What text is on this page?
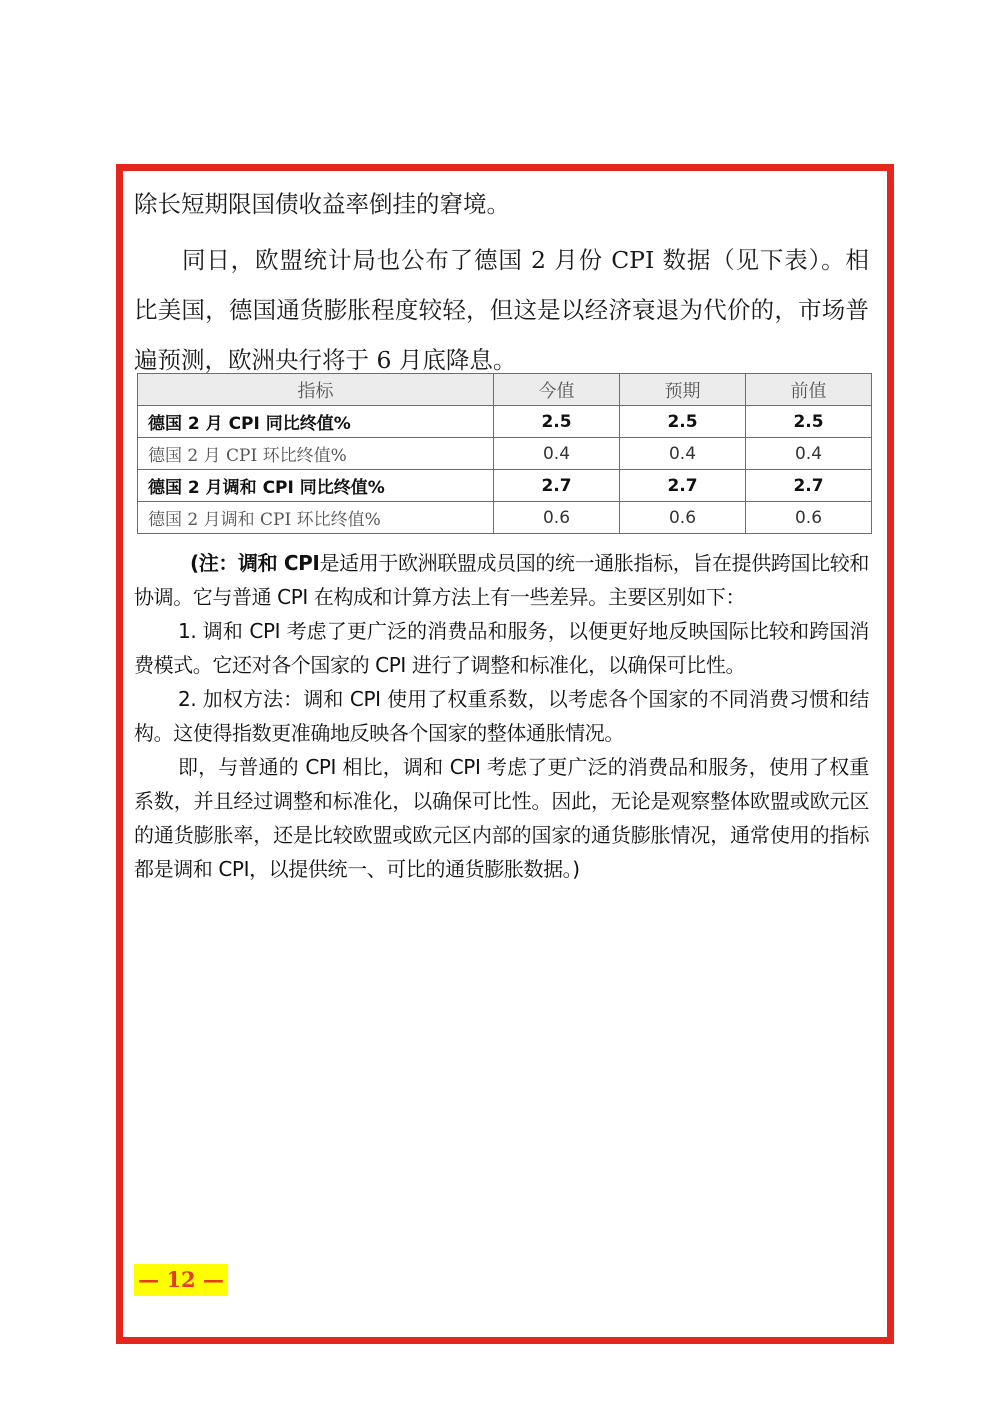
除长短期限国债收益率倒挂的窘境。

同日，欧盟统计局也公布了德国 2 月份 CPI 数据（见下表）。相比美国，德国通货膨胀程度较轻，但这是以经济衰退为代价的，市场普遍预测，欧洲央行将于 6 月底降息。

指标	今值	预期	前值
德国 2 月 CPI 同比终值%	2.5	2.5	2.5
德国 2 月 CPI 环比终值%	0.4	0.4	0.4
德国 2 月调和 CPI 同比终值%	2.7	2.7	2.7
德国 2 月调和 CPI 环比终值%	0.6	0.6	0.6

(注：调和 CPI是适用于欧洲联盟成员国的统一通胀指标，旨在提供跨国比较和协调。它与普通 CPI 在构成和计算方法上有一些差异。主要区别如下：

1. 调和 CPI 考虑了更广泛的消费品和服务，以便更好地反映国际比较和跨国消费模式。它还对各个国家的 CPI 进行了调整和标准化，以确保可比性。

2. 加权方法：调和 CPI 使用了权重系数，以考虑各个国家的不同消费习惯和结构。这使得指数更准确地反映各个国家的整体通胀情况。

即，与普通的 CPI 相比，调和 CPI 考虑了更广泛的消费品和服务，使用了权重系数，并且经过调整和标准化，以确保可比性。因此，无论是观察整体欧盟或欧元区的通货膨胀率，还是比较欧盟或欧元区内部的国家的通货膨胀情况，通常使用的指标都是调和 CPI，以提供统一、可比的通货膨胀数据。)

— 12 —
